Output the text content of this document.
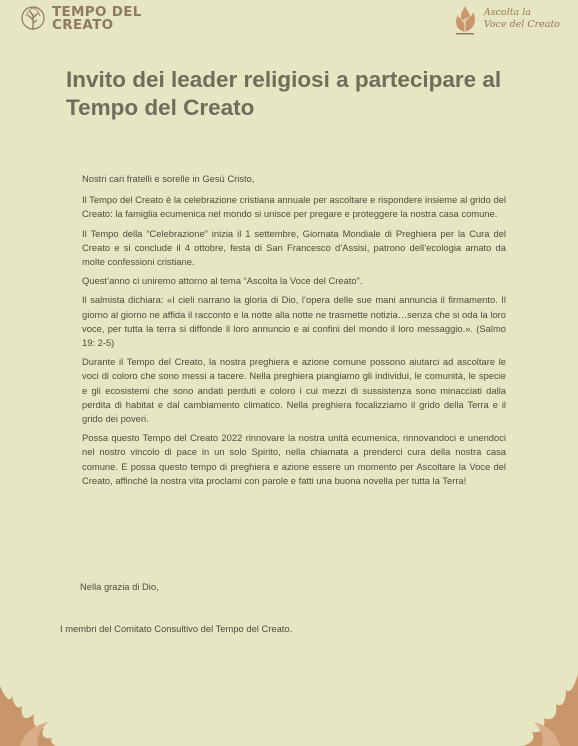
TEMPO DEL
CREATO
Ascolta la
Voce del Creato
Invito dei leader religiosi a partecipare al Tempo del Creato

Nostri cari fratelli e sorelle in Gesù Cristo,

Il Tempo del Creato è la celebrazione cristiana annuale per ascoltare e rispondere insieme al grido del Creato: la famiglia ecumenica nel mondo si unisce per pregare e proteggere la nostra casa comune.

Il Tempo della “Celebrazione” inizia il 1 settembre, Giornata Mondiale di Preghiera per la Cura del Creato e si conclude il 4 ottobre, festa di San Francesco d’Assisi, patrono dell’ecologia amato da molte confessioni cristiane.

Quest’anno ci uniremo attorno al tema “Ascolta la Voce del Creato”.

Il salmista dichiara: «I cieli narrano la gloria di Dio, l’opera delle sue mani annuncia il firmamento. Il giorno al giorno ne affida il racconto e la notte alla notte ne trasmette notizia…senza che si oda la loro voce, per tutta la terra si diffonde il loro annuncio e ai confini del mondo il loro messaggio.». (Salmo 19: 2-5)

Durante il Tempo del Creato, la nostra preghiera e azione comune possono aiutarci ad ascoltare le voci di coloro che sono messi a tacere. Nella preghiera piangiamo gli individui, le comunità, le specie e gli ecosistemi che sono andati perduti e coloro i cui mezzi di sussistenza sono minacciati dalla perdita di habitat e dal cambiamento climatico. Nella preghiera focalizziamo il grido della Terra e il grido dei poveri.

Possa questo Tempo del Creato 2022 rinnovare la nostra unità ecumenica, rinnovandoci e unendoci nel nostro vincolo di pace in un solo Spirito, nella chiamata a prenderci cura della nostra casa comune. E possa questo tempo di preghiera e azione essere un momento per Ascoltare la Voce del Creato, affinché la nostra vita proclami con parole e fatti una buona novella per tutta la Terra!

Nella grazia di Dio,
I membri del Comitato Consultivo del Tempo del Creato.
